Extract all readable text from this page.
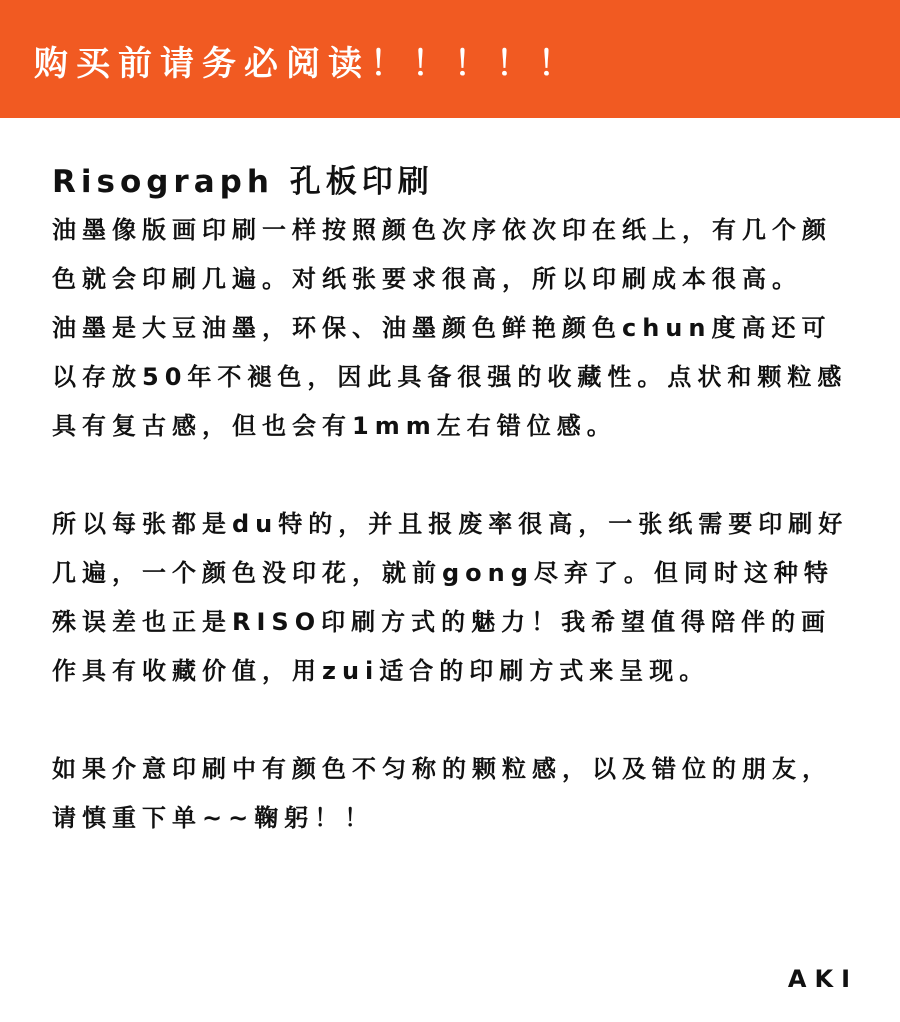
购买前请务必阅读！！！！！
Risograph 孔板印刷

油墨像版画印刷一样按照颜色次序依次印在纸上，有几个颜色就会印刷几遍。对纸张要求很高，所以印刷成本很高。

油墨是大豆油墨，环保、油墨颜色鲜艳颜色chun度高还可以存放50年不褪色，因此具备很强的收藏性。点状和颗粒感具有复古感，但也会有1mm左右错位感。

所以每张都是du特的，并且报废率很高，一张纸需要印刷好几遍，一个颜色没印花，就前gong尽弃了。但同时这种特殊误差也正是RISO印刷方式的魅力！我希望值得陪伴的画作具有收藏价值，用zui适合的印刷方式来呈现。

如果介意印刷中有颜色不匀称的颗粒感，以及错位的朋友，请慎重下单~~鞠躬！！

AKI
